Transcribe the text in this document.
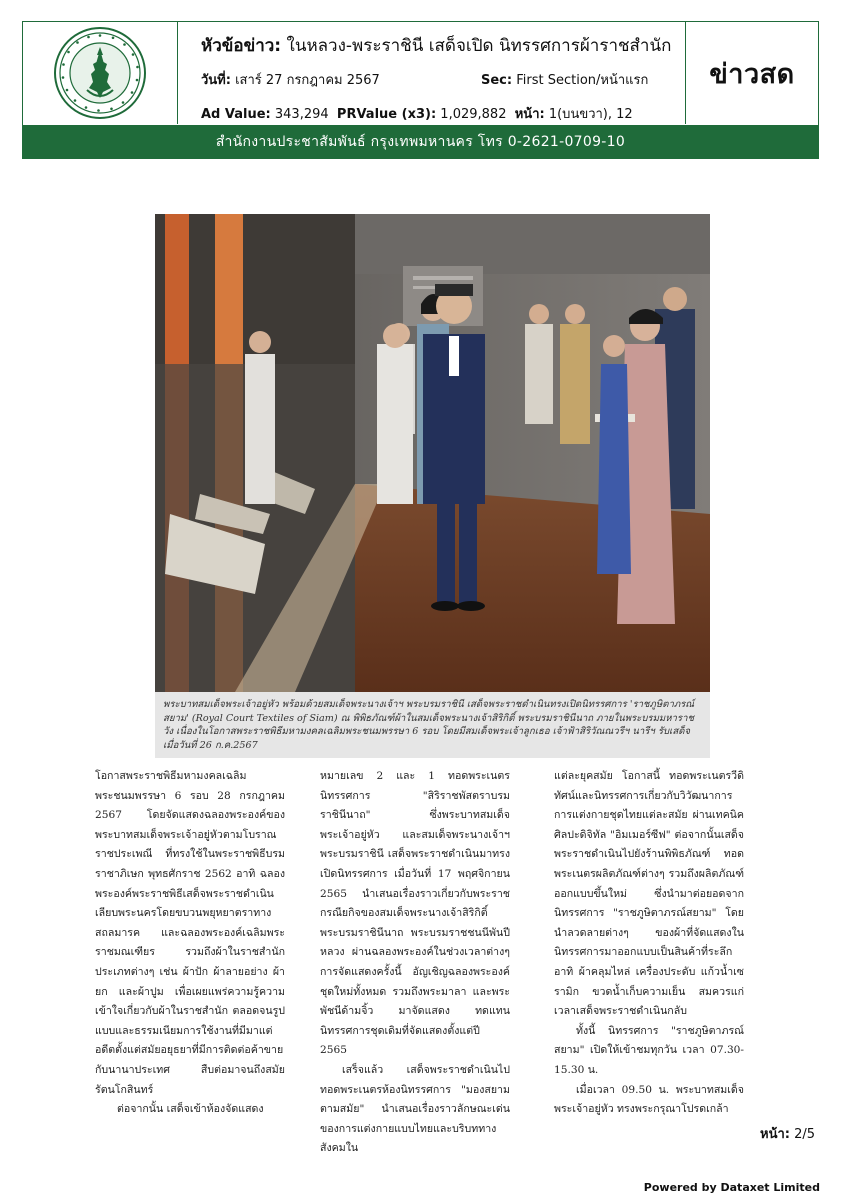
หัวข้อข่าว: ในหลวง-พระราชินี เสด็จเปิด นิทรรศการผ้าราชสำนัก
วันที่: เสาร์ 27 กรกฎาคม 2567
Ad Value: 343,294 PRValue (x3): 1,029,882 หน้า: 1(บนขวา), 12
Sec: First Section/หน้าแรก ข่าวสด
สำนักงานประชาสัมพันธ์ กรุงเทพมหานคร โทร 0-2621-0709-10
พระบาทสมเด็จพระเจ้าอยู่หัว พร้อมด้วยสมเด็จพระนางเจ้าฯ พระบรมราชินี เสด็จพระราชดำเนินทรงเปิดนิทรรศการ 'ราชภูษิตาภรณ์สยาม' (Royal Court Textiles of Siam) ณ พิพิธภัณฑ์ผ้าในสมเด็จพระนางเจ้าสิริกิติ์ พระบรมราชินีนาถ ภายในพระบรมมหาราชวัง เนื่องในโอกาสพระราชพิธีมหามงคลเฉลิมพระชนมพรรษา 6 รอบ โดยมีสมเด็จพระเจ้าลูกเธอ เจ้าฟ้าสิริวัณณวรีฯ นารีฯ รับเสด็จ เมื่อวันที่ 26 ก.ค.2567

โอกาสพระราชพิธีมหามงคลเฉลิมพระชนมพรรษา 6 รอบ 28 กรกฎาคม 2567 โดยจัดแสดงฉลองพระองค์ของพระบาทสมเด็จพระเจ้าอยู่หัวตามโบราณราชประเพณี ที่ทรงใช้ในพระราชพิธีบรมราชาภิเษก พุทธศักราช 2562 อาทิ ฉลองพระองค์พระราชพิธีเสด็จพระราชดำเนินเลียบพระนครโดยขบวนพยุหยาตราทางสถลมารค และฉลองพระองค์เฉลิมพระราชมณเฑียร รวมถึงผ้าในราชสำนักประเภทต่างๆ เช่น ผ้าปัก ผ้าลายอย่าง ผ้ายก และผ้าปูม เพื่อเผยแพร่ความรู้ความเข้าใจเกี่ยวกับผ้าในราชสำนัก ตลอดจนรูปแบบและธรรมเนียมการใช้งานที่มีมาแต่อดีตตั้งแต่สมัยอยุธยาที่มีการติดต่อค้าขายกับนานาประเทศ สืบต่อมาจนถึงสมัยรัตนโกสินทร์

ต่อจากนั้น เสด็จเข้าห้องจัดแสดง

หมายเลข 2 และ 1 ทอดพระเนตรนิทรรศการ "สิริราชพัสตราบรมราชินีนาถ" ซึ่งพระบาทสมเด็จพระเจ้าอยู่หัว และสมเด็จพระนางเจ้าฯ พระบรมราชินี เสด็จพระราชดำเนินมาทรงเปิดนิทรรศการ เมื่อวันที่ 17 พฤศจิกายน 2565 นำเสนอเรื่องราวเกี่ยวกับพระราชกรณียกิจของสมเด็จพระนางเจ้าสิริกิติ์ พระบรมราชินีนาถ พระบรมราชชนนีพันปีหลวง ผ่านฉลองพระองค์ในช่วงเวลาต่างๆ การจัดแสดงครั้งนี้ อัญเชิญฉลองพระองค์ชุดใหม่ทั้งหมด รวมถึงพระมาลา และพระพัชนีด้ามจิ้ว มาจัดแสดง ทดแทนนิทรรศการชุดเดิมที่จัดแสดงตั้งแต่ปี 2565

เสร็จแล้ว เสด็จพระราชดำเนินไปทอดพระเนตรห้องนิทรรศการ "มองสยามตามสมัย" นำเสนอเรื่องราวลักษณะเด่นของการแต่งกายแบบไทยและบริบททางสังคมใน

แต่ละยุคสมัย โอกาสนี้ ทอดพระเนตรวีดิทัศน์และนิทรรศการเกี่ยวกับวิวัฒนาการการแต่งกายชุดไทยแต่ละสมัย ผ่านเทคนิคศิลปะดิจิทัล "อิมเมอร์ซีฟ" ต่อจากนั้นเสด็จพระราชดำเนินไปยังร้านพิพิธภัณฑ์ ทอดพระเนตรผลิตภัณฑ์ต่างๆ รวมถึงผลิตภัณฑ์ออกแบบขึ้นใหม่ ซึ่งนำมาต่อยอดจากนิทรรศการ "ราชภูษิตาภรณ์สยาม" โดยนำลวดลายต่างๆ ของผ้าที่จัดแสดงในนิทรรศการมาออกแบบเป็นสินค้าที่ระลึก อาทิ ผ้าคลุมไหล่ เครื่องประดับ แก้วน้ำเซรามิก ขวดน้ำเก็บความเย็น สมควรแก่เวลาเสด็จพระราชดำเนินกลับ

ทั้งนี้ นิทรรศการ "ราชภูษิตาภรณ์สยาม" เปิดให้เข้าชมทุกวัน เวลา 07.30-15.30 น.

เมื่อเวลา 09.50 น. พระบาทสมเด็จพระเจ้าอยู่หัว ทรงพระกรุณาโปรดเกล้า

หน้า: 2/5
Powered by Dataxet Limited
